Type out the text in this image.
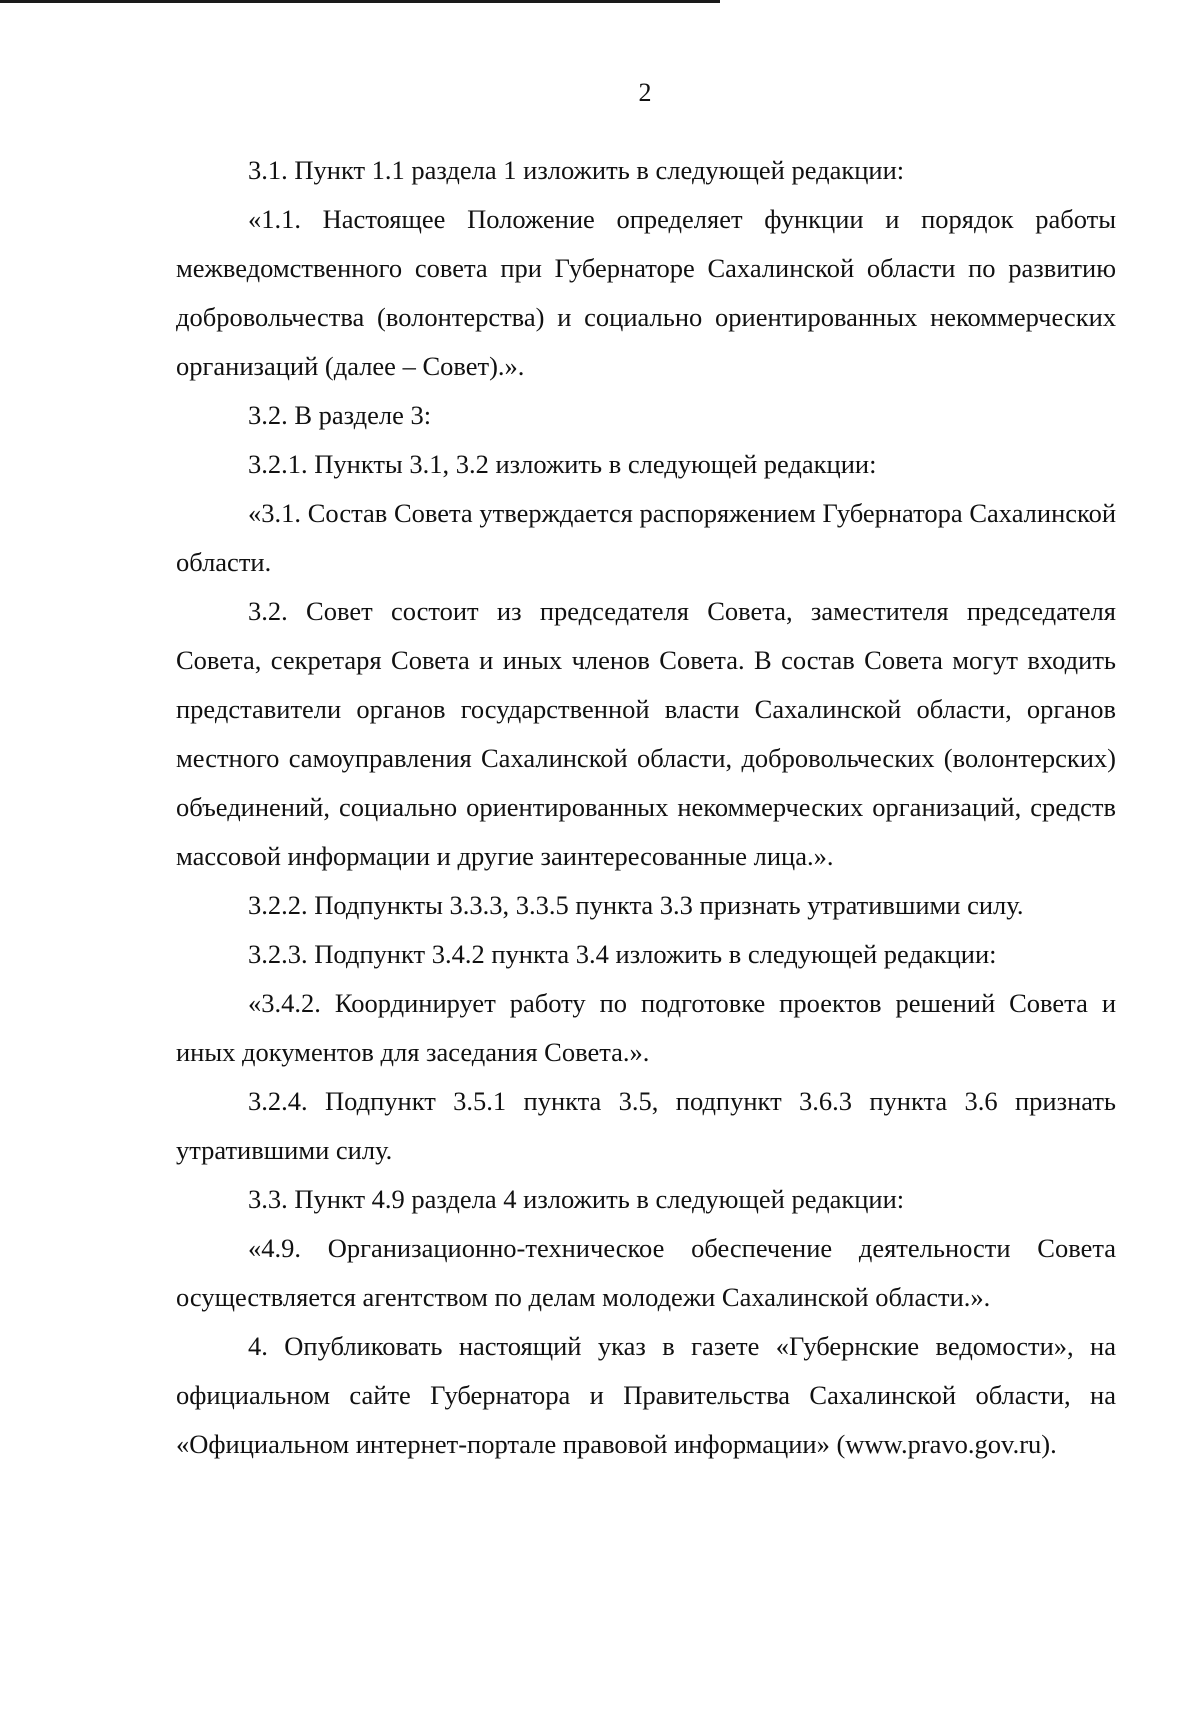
2

3.1. Пункт 1.1 раздела 1 изложить в следующей редакции:

«1.1. Настоящее Положение определяет функции и порядок работы межведомственного совета при Губернаторе Сахалинской области по развитию добровольчества (волонтерства) и социально ориентированных некоммерческих организаций (далее – Совет).».

3.2. В разделе 3:

3.2.1. Пункты 3.1, 3.2 изложить в следующей редакции:

«3.1. Состав Совета утверждается распоряжением Губернатора Сахалинской области.

3.2. Совет состоит из председателя Совета, заместителя председателя Совета, секретаря Совета и иных членов Совета. В состав Совета могут входить представители органов государственной власти Сахалинской области, органов местного самоуправления Сахалинской области, добровольческих (волонтерских) объединений, социально ориентированных некоммерческих организаций, средств массовой информации и другие заинтересованные лица.».

3.2.2. Подпункты 3.3.3, 3.3.5 пункта 3.3 признать утратившими силу.

3.2.3. Подпункт 3.4.2 пункта 3.4 изложить в следующей редакции:

«3.4.2. Координирует работу по подготовке проектов решений Совета и иных документов для заседания Совета.».

3.2.4. Подпункт 3.5.1 пункта 3.5, подпункт 3.6.3 пункта 3.6 признать утратившими силу.

3.3. Пункт 4.9 раздела 4 изложить в следующей редакции:

«4.9. Организационно-техническое обеспечение деятельности Совета осуществляется агентством по делам молодежи Сахалинской области.».

4. Опубликовать настоящий указ в газете «Губернские ведомости», на официальном сайте Губернатора и Правительства Сахалинской области, на «Официальном интернет-портале правовой информации» (www.pravo.gov.ru).
